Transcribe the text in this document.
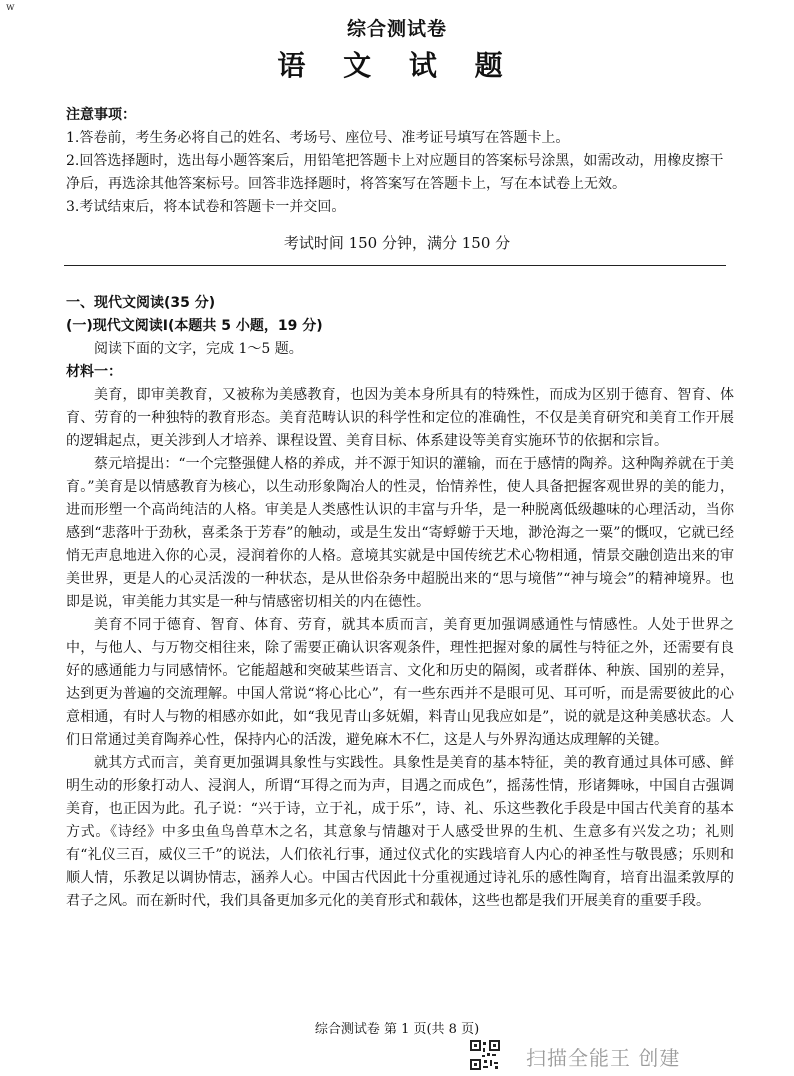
w
综合测试卷
语 文 试 题

注意事项：

1.答卷前，考生务必将自己的姓名、考场号、座位号、准考证号填写在答题卡上。

2.回答选择题时，选出每小题答案后，用铅笔把答题卡上对应题目的答案标号涂黑，如需改动，用橡皮擦干净后，再选涂其他答案标号。回答非选择题时，将答案写在答题卡上，写在本试卷上无效。

3.考试结束后，将本试卷和答题卡一并交回。

考试时间 150 分钟，满分 150 分

一、现代文阅读(35 分)

(一)现代文阅读Ⅰ(本题共 5 小题，19 分)

阅读下面的文字，完成 1～5 题。

材料一：

美育，即审美教育，又被称为美感教育，也因为美本身所具有的特殊性，而成为区别于德育、智育、体育、劳育的一种独特的教育形态。美育范畴认识的科学性和定位的准确性，不仅是美育研究和美育工作开展的逻辑起点，更关涉到人才培养、课程设置、美育目标、体系建设等美育实施环节的依据和宗旨。

蔡元培提出：“一个完整强健人格的养成，并不源于知识的灌输，而在于感情的陶养。这种陶养就在于美育。”美育是以情感教育为核心，以生动形象陶冶人的性灵，怡情养性，使人具备把握客观世界的美的能力，进而形塑一个高尚纯洁的人格。审美是人类感性认识的丰富与升华，是一种脱离低级趣味的心理活动，当你感到“悲落叶于劲秋，喜柔条于芳春”的触动，或是生发出“寄蜉蝣于天地，渺沧海之一粟”的慨叹，它就已经悄无声息地进入你的心灵，浸润着你的人格。意境其实就是中国传统艺术心物相通，情景交融创造出来的审美世界，更是人的心灵活泼的一种状态，是从世俗杂务中超脱出来的“思与境偕”“神与境会”的精神境界。也即是说，审美能力其实是一种与情感密切相关的内在德性。

美育不同于德育、智育、体育、劳育，就其本质而言，美育更加强调感通性与情感性。人处于世界之中，与他人、与万物交相往来，除了需要正确认识客观条件，理性把握对象的属性与特征之外，还需要有良好的感通能力与同感情怀。它能超越和突破某些语言、文化和历史的隔阂，或者群体、种族、国别的差异，达到更为普遍的交流理解。中国人常说“将心比心”，有一些东西并不是眼可见、耳可听，而是需要彼此的心意相通，有时人与物的相感亦如此，如“我见青山多妩媚，料青山见我应如是”，说的就是这种美感状态。人们日常通过美育陶养心性，保持内心的活泼，避免麻木不仁，这是人与外界沟通达成理解的关键。

就其方式而言，美育更加强调具象性与实践性。具象性是美育的基本特征，美的教育通过具体可感、鲜明生动的形象打动人、浸润人，所谓“耳得之而为声，目遇之而成色”，摇荡性情，形诸舞咏，中国自古强调美育，也正因为此。孔子说：“兴于诗，立于礼，成于乐”，诗、礼、乐这些教化手段是中国古代美育的基本方式。《诗经》中多虫鱼鸟兽草木之名，其意象与情趣对于人感受世界的生机、生意多有兴发之功；礼则有“礼仪三百，威仪三千”的说法，人们依礼行事，通过仪式化的实践培育人内心的神圣性与敬畏感；乐则和顺人情，乐教足以调协情志，涵养人心。中国古代因此十分重视通过诗礼乐的感性陶育，培育出温柔敦厚的君子之风。而在新时代，我们具备更加多元化的美育形式和载体，这些也都是我们开展美育的重要手段。

综合测试卷 第 1 页(共 8 页)
扫描全能王 创建
